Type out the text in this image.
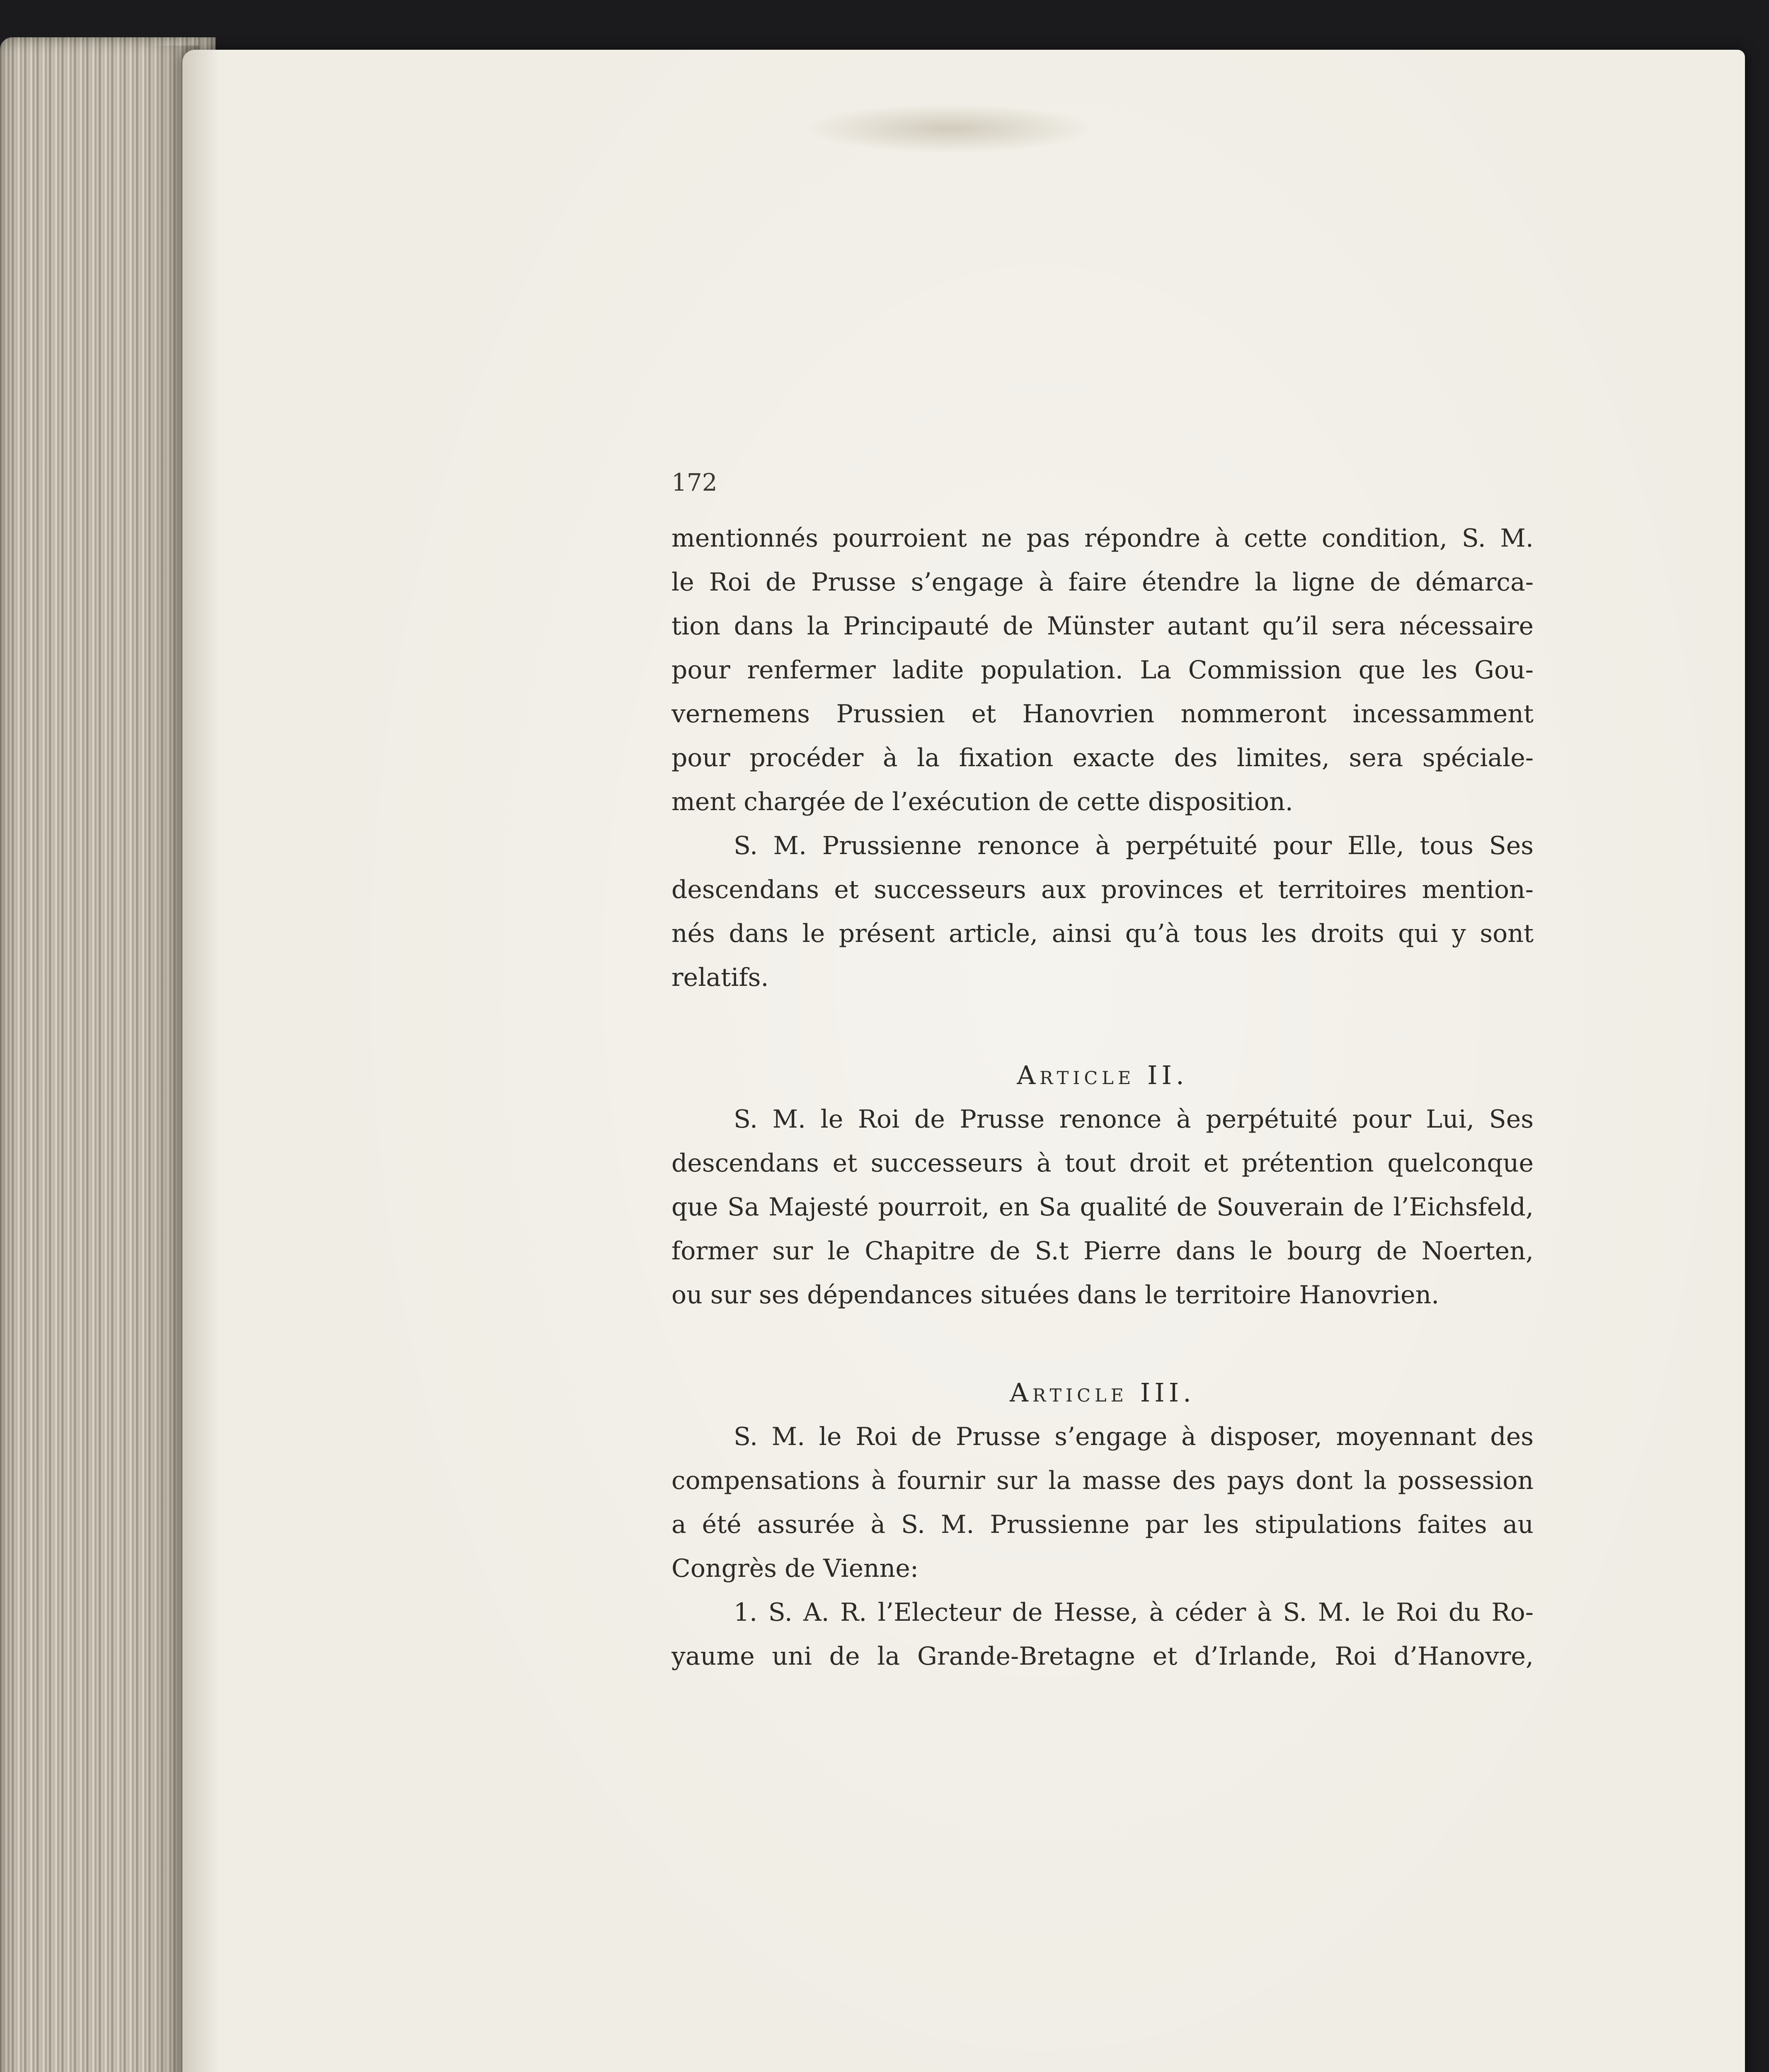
172
mentionnés pourroient ne pas répondre à cette condition, S. M.
le Roi de Prusse s’engage à faire étendre la ligne de démarca-
tion dans la Principauté de Münster autant qu’il sera nécessaire
pour renfermer ladite population. La Commission que les Gou-
vernemens Prussien et Hanovrien nommeront incessamment
pour procéder à la fixation exacte des limites, sera spéciale-
ment chargée de l’exécution de cette disposition.
S. M. Prussienne renonce à perpétuité pour Elle, tous Ses
descendans et successeurs aux provinces et territoires mention-
nés dans le présent article, ainsi qu’à tous les droits qui y sont
relatifs.
Article II.
S. M. le Roi de Prusse renonce à perpétuité pour Lui, Ses
descendans et successeurs à tout droit et prétention quelconque
que Sa Majesté pourroit, en Sa qualité de Souverain de l’Eichsfeld,
former sur le Chapitre de S.t Pierre dans le bourg de Noerten,
ou sur ses dépendances situées dans le territoire Hanovrien.
Article III.
S. M. le Roi de Prusse s’engage à disposer, moyennant des
compensations à fournir sur la masse des pays dont la possession
a été assurée à S. M. Prussienne par les stipulations faites au
Congrès de Vienne:
1. S. A. R. l’Electeur de Hesse, à céder à S. M. le Roi du Ro-
yaume uni de la Grande-Bretagne et d’Irlande, Roi d’Hanovre,
